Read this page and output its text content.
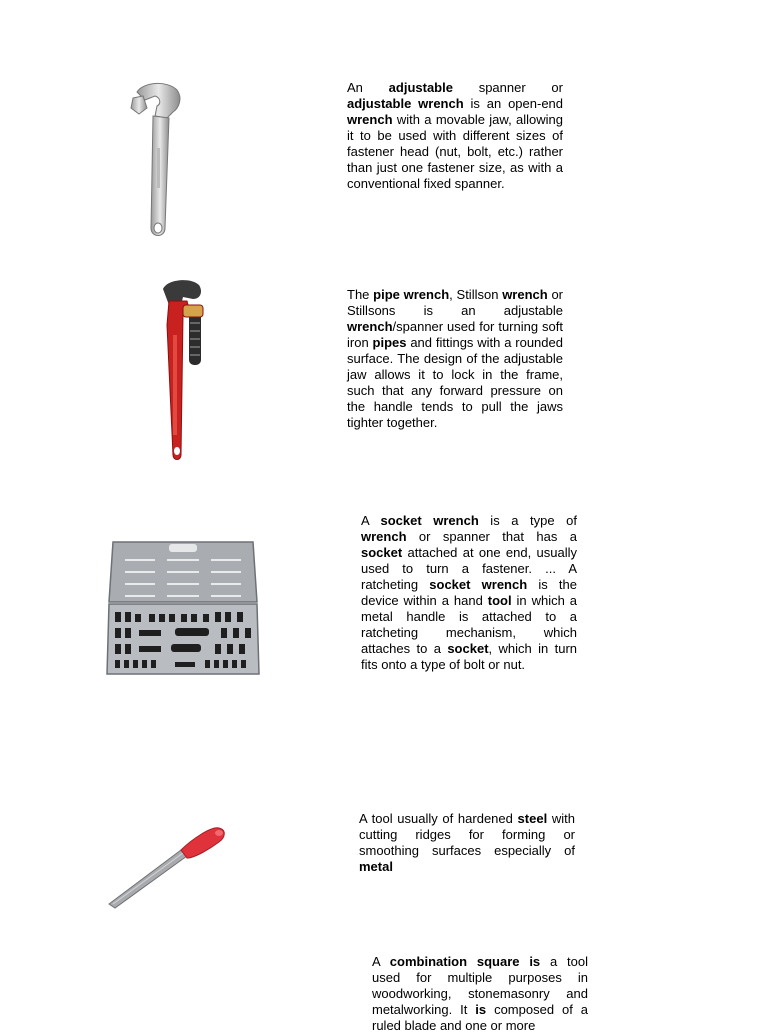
An adjustable spanner or adjustable wrench is an open-end wrench with a movable jaw, allowing it to be used with different sizes of fastener head (nut, bolt, etc.) rather than just one fastener size, as with a conventional fixed spanner.
The pipe wrench, Stillson wrench or Stillsons is an adjustable wrench/spanner used for turning soft iron pipes and fittings with a rounded surface. The design of the adjustable jaw allows it to lock in the frame, such that any forward pressure on the handle tends to pull the jaws tighter together.
A socket wrench is a type of wrench or spanner that has a socket attached at one end, usually used to turn a fastener. ... A ratcheting socket wrench is the device within a hand tool in which a metal handle is attached to a ratcheting mechanism, which attaches to a socket, which in turn fits onto a type of bolt or nut.
A tool usually of hardened steel with cutting ridges for forming or smoothing surfaces especially of metal
A combination square is a tool used for multiple purposes in woodworking, stonemasonry and metalworking. It is composed of a ruled blade and one or more
